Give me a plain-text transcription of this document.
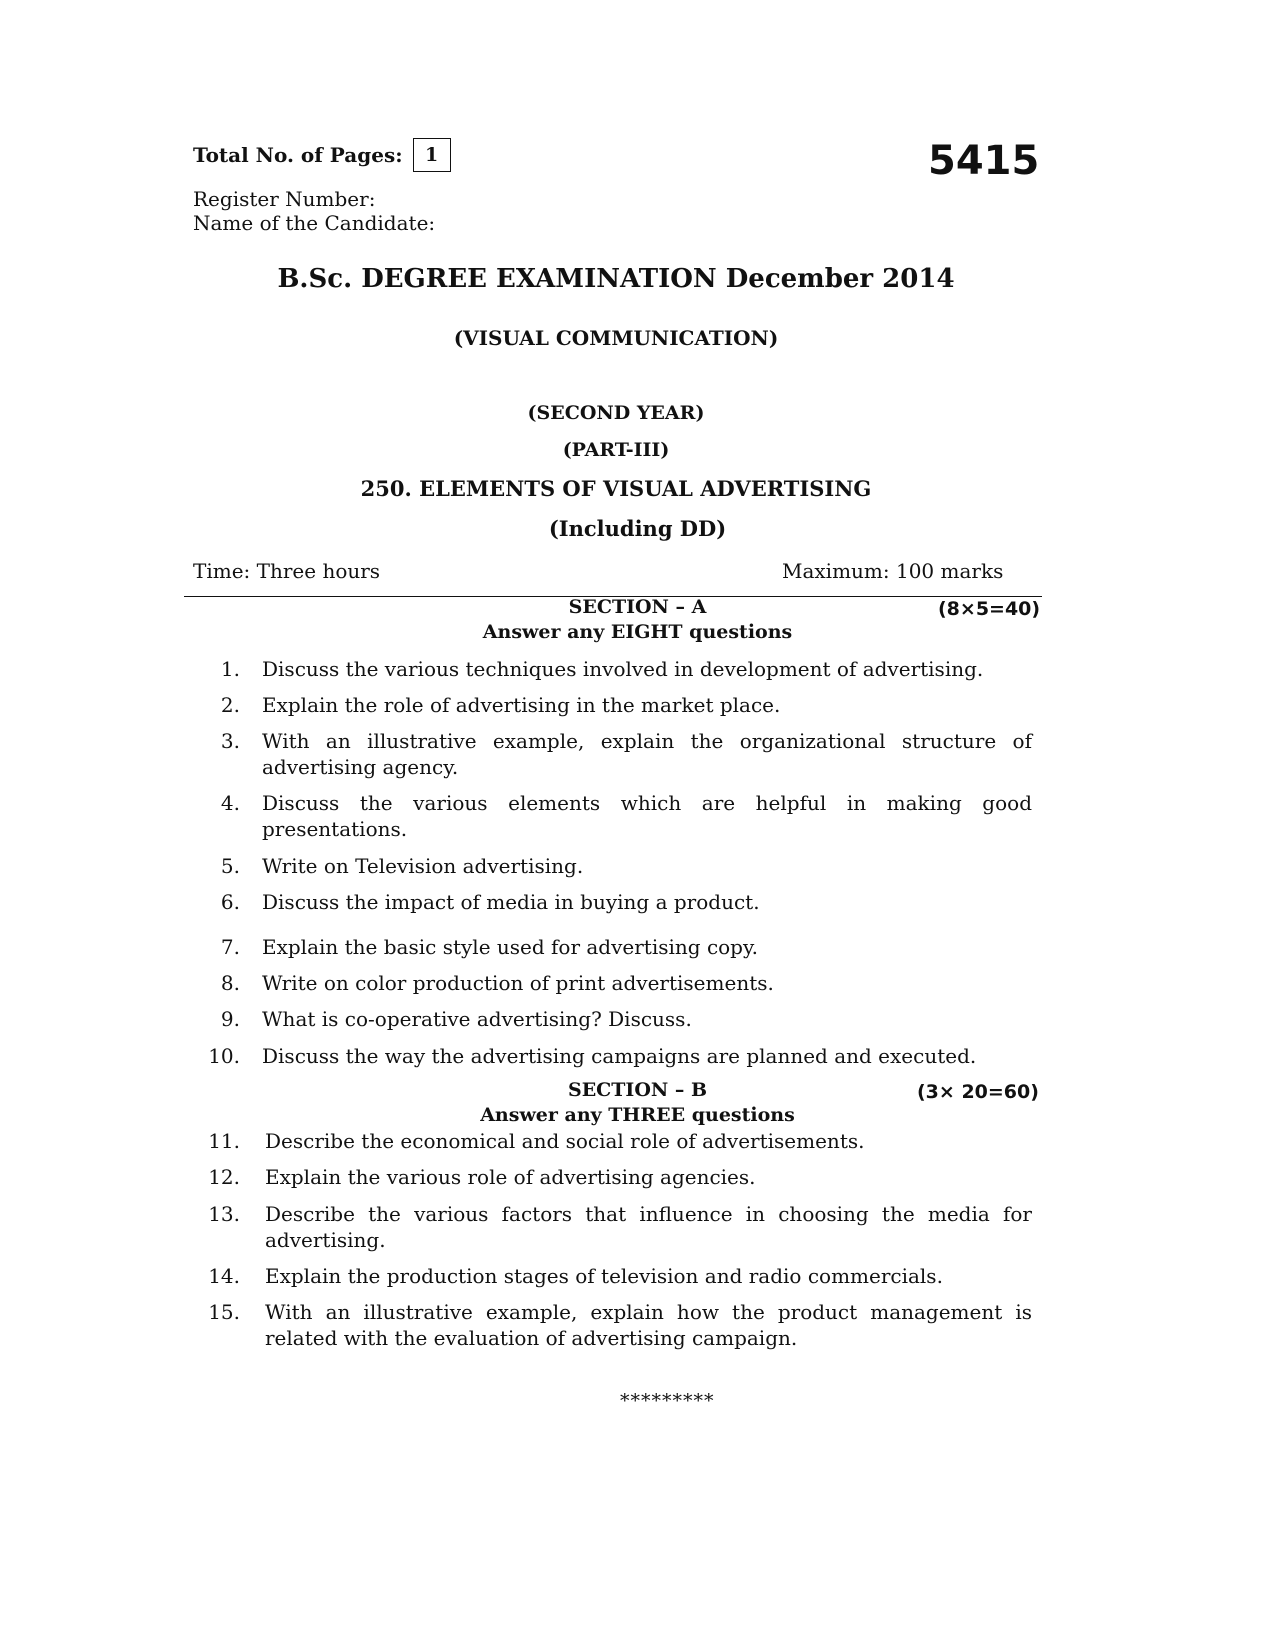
Total No. of Pages:	1	5415
Register Number:
Name of the Candidate:
B.Sc. DEGREE EXAMINATION December 2014
(VISUAL COMMUNICATION)
(SECOND YEAR)
(PART-III)
250. ELEMENTS OF VISUAL ADVERTISING
(Including DD)
Time: Three hours	Maximum: 100 marks
SECTION – A	(8×5=40)
Answer any EIGHT questions
1. Discuss the various techniques involved in development of advertising.
2. Explain the role of advertising in the market place.
3. With an illustrative example, explain the organizational structure of advertising agency.
4. Discuss the various elements which are helpful in making good presentations.
5. Write on Television advertising.
6. Discuss the impact of media in buying a product.
7. Explain the basic style used for advertising copy.
8. Write on color production of print advertisements.
9. What is co-operative advertising? Discuss.
10. Discuss the way the advertising campaigns are planned and executed.
SECTION – B	(3× 20=60)
Answer any THREE questions
11. Describe the economical and social role of advertisements.
12. Explain the various role of advertising agencies.
13. Describe the various factors that influence in choosing the media for advertising.
14. Explain the production stages of television and radio commercials.
15. With an illustrative example, explain how the product management is related with the evaluation of advertising campaign.
*********
